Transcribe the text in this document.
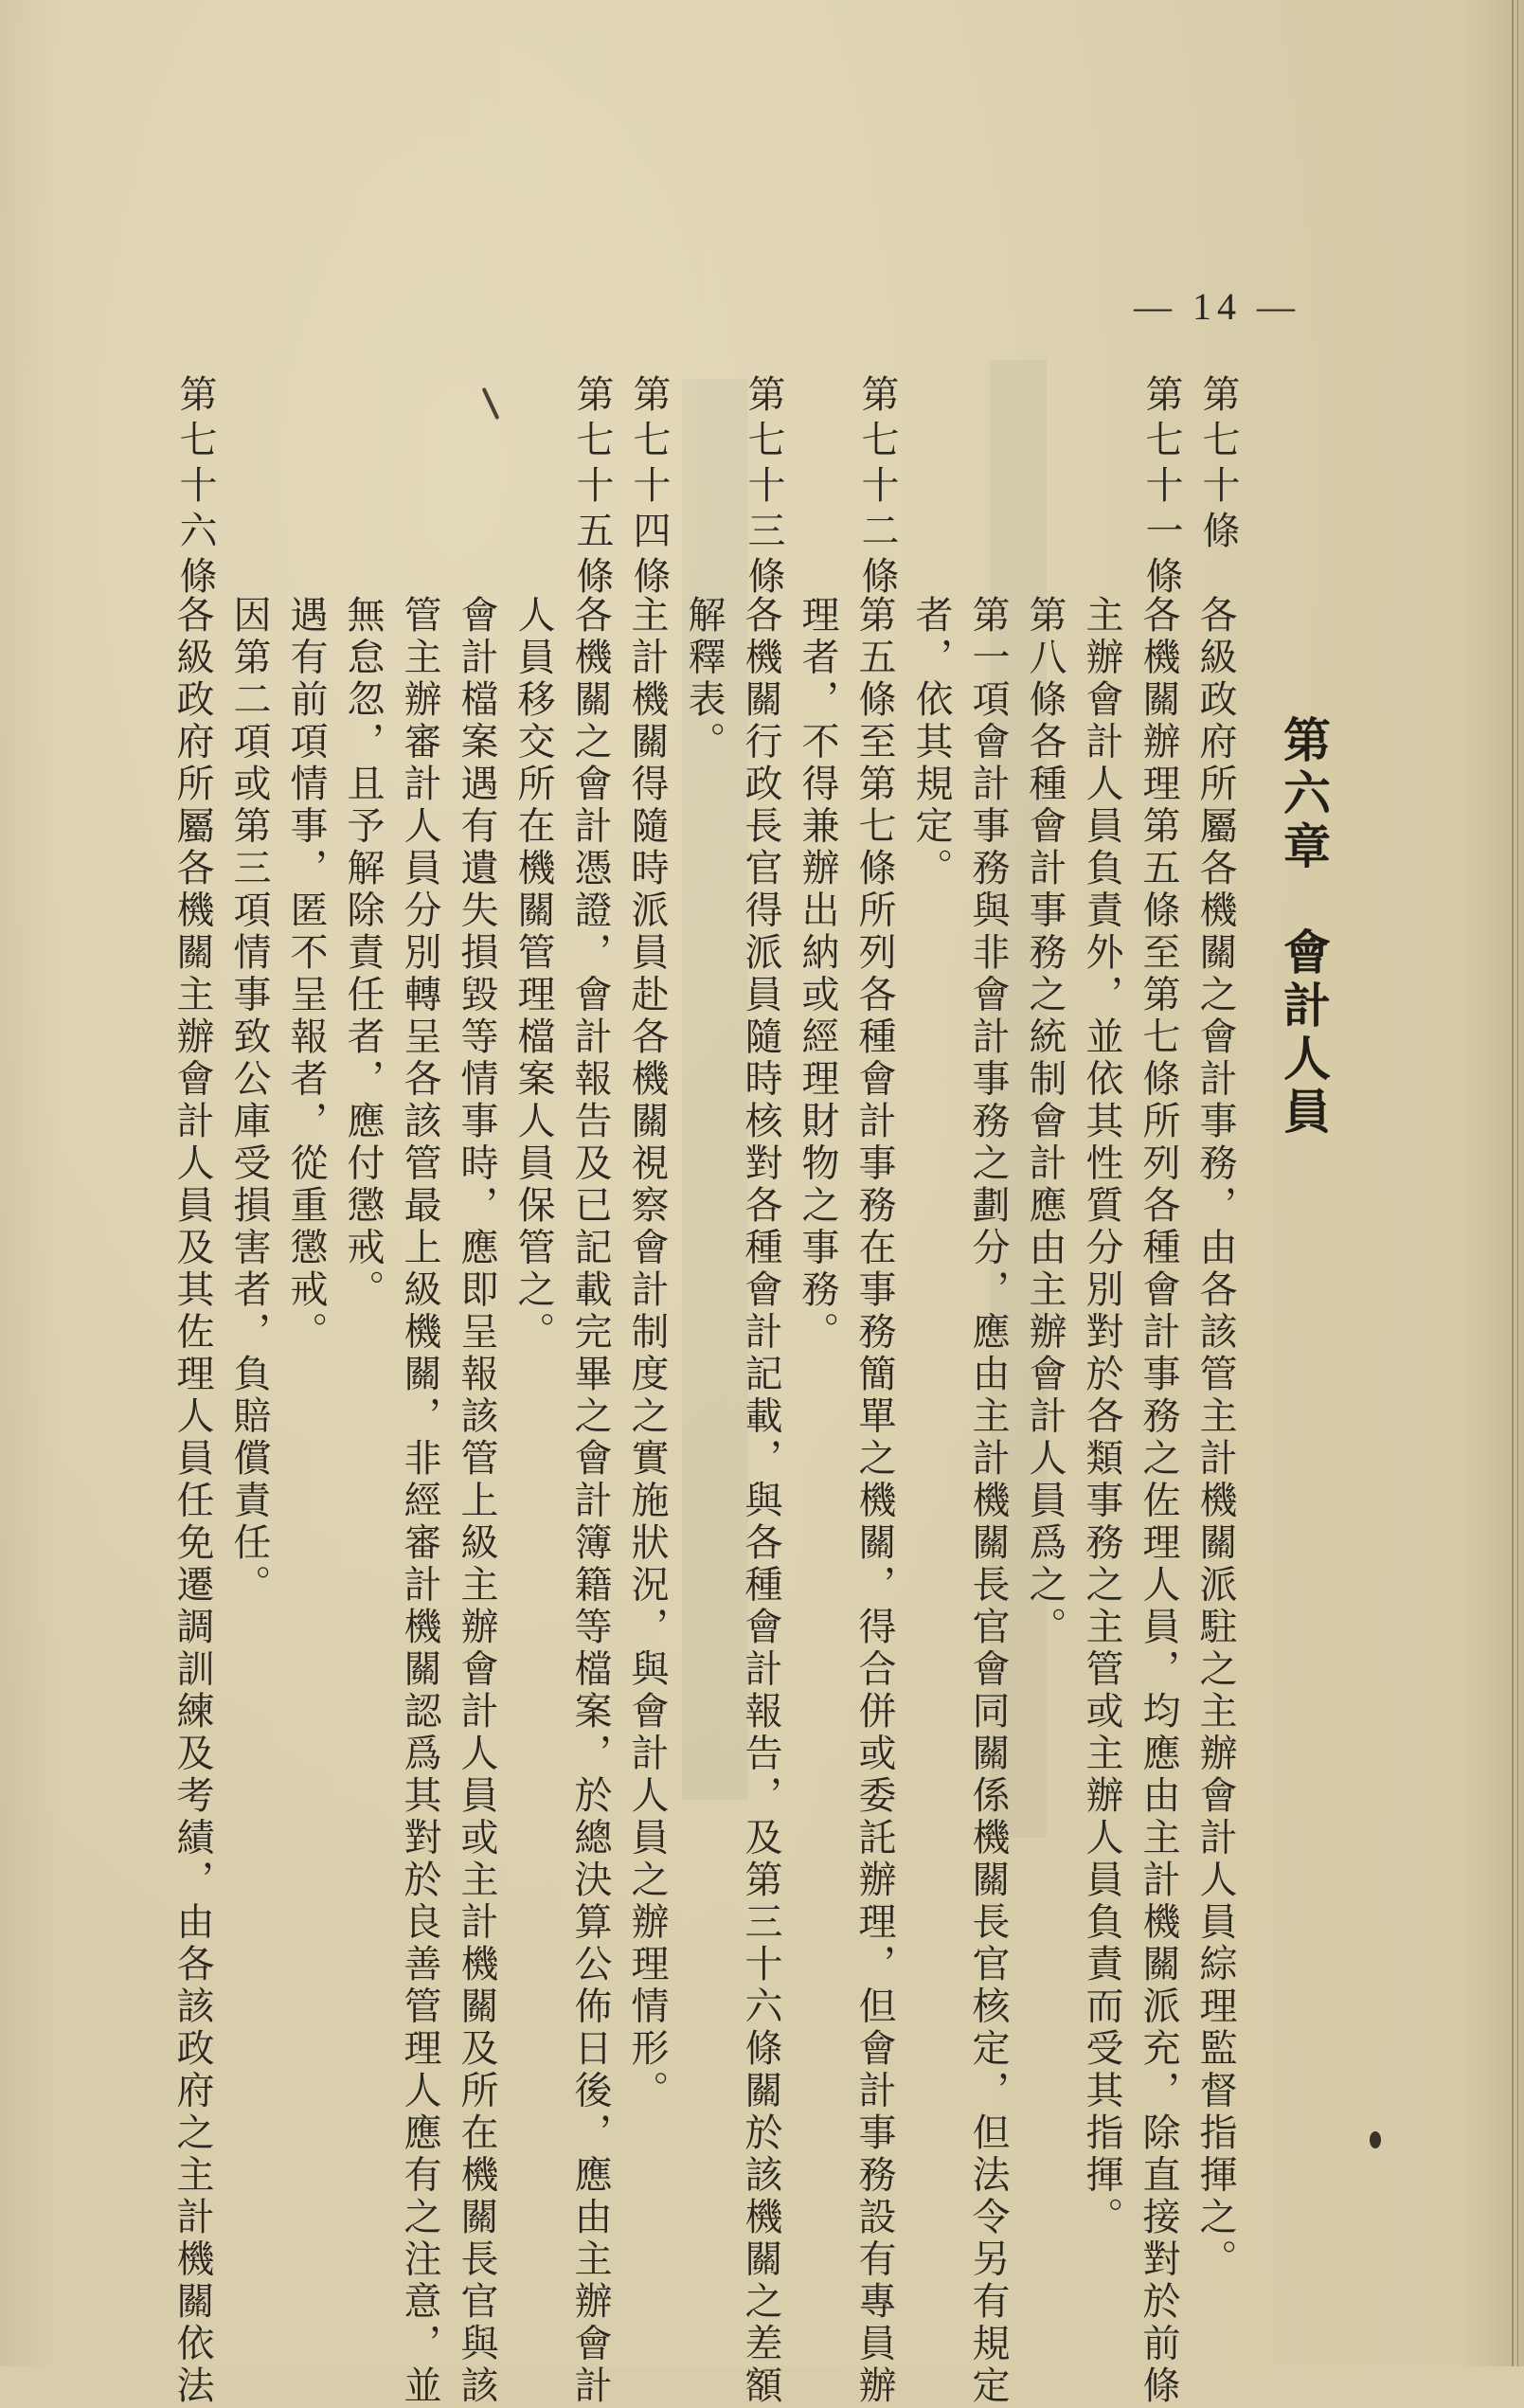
— 14 —
第六章　會計人員
第七十條
第七十一條
第七十二條
第七十三條
第七十四條
第七十五條
第七十六條
各級政府所屬各機關之會計事務，由各該管主計機關派駐之主辦會計人員綜理監督指揮之。
各機關辦理第五條至第七條所列各種會計事務之佐理人員，均應由主計機關派充，除直接對於前條
主辦會計人員負責外，並依其性質分別對於各類事務之主管或主辦人員負責而受其指揮。
第八條各種會計事務之統制會計應由主辦會計人員爲之。
第一項會計事務與非會計事務之劃分，應由主計機關長官會同關係機關長官核定，但法令另有規定
者，依其規定。
第五條至第七條所列各種會計事務在事務簡單之機關，得合併或委託辦理，但會計事務設有專員辦
理者，不得兼辦出納或經理財物之事務。
各機關行政長官得派員隨時核對各種會計記載，與各種會計報告，及第三十六條關於該機關之差額
解釋表。
主計機關得隨時派員赴各機關視察會計制度之實施狀況，與會計人員之辦理情形。
各機關之會計憑證，會計報告及已記載完畢之會計簿籍等檔案，於總決算公佈日後，應由主辦會計
人員移交所在機關管理檔案人員保管之。
會計檔案遇有遺失損毀等情事時，應即呈報該管上級主辦會計人員或主計機關及所在機關長官與該
管主辦審計人員分別轉呈各該管最上級機關，非經審計機關認爲其對於良善管理人應有之注意，並
無怠忽，且予解除責任者，應付懲戒。
遇有前項情事，匿不呈報者，從重懲戒。
因第二項或第三項情事致公庫受損害者，負賠償責任。
各級政府所屬各機關主辦會計人員及其佐理人員任免遷調訓練及考績，由各該政府之主計機關依法
